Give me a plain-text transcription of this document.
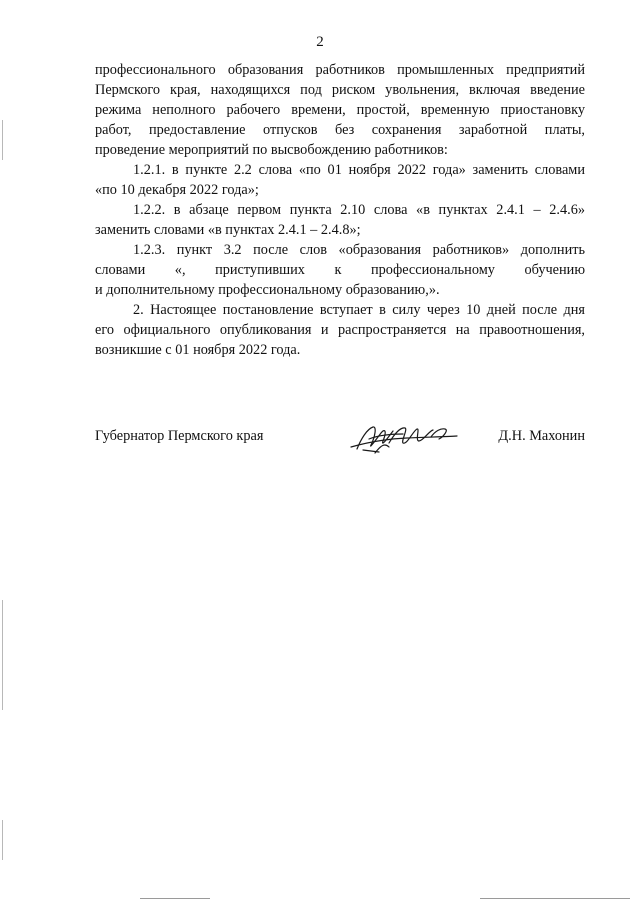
2

профессионального образования работников промышленных предприятий
Пермского края, находящихся под риском увольнения, включая введение
режима неполного рабочего времени, простой, временную приостановку
работ, предоставление отпусков без сохранения заработной платы,
проведение мероприятий по высвобождению работников:

1.2.1. в пункте 2.2 слова «по 01 ноября 2022 года» заменить словами
«по 10 декабря 2022 года»;

1.2.2. в абзаце первом пункта 2.10 слова «в пунктах 2.4.1 – 2.4.6»
заменить словами «в пунктах 2.4.1 – 2.4.8»;

1.2.3. пункт 3.2 после слов «образования работников» дополнить
словами «, приступивших к профессиональному обучению
и дополнительному профессиональному образованию,».

2. Настоящее постановление вступает в силу через 10 дней после дня
его официального опубликования и распространяется на правоотношения,
возникшие с 01 ноября 2022 года.

Губернатор Пермского края	Д.Н. Махонин
